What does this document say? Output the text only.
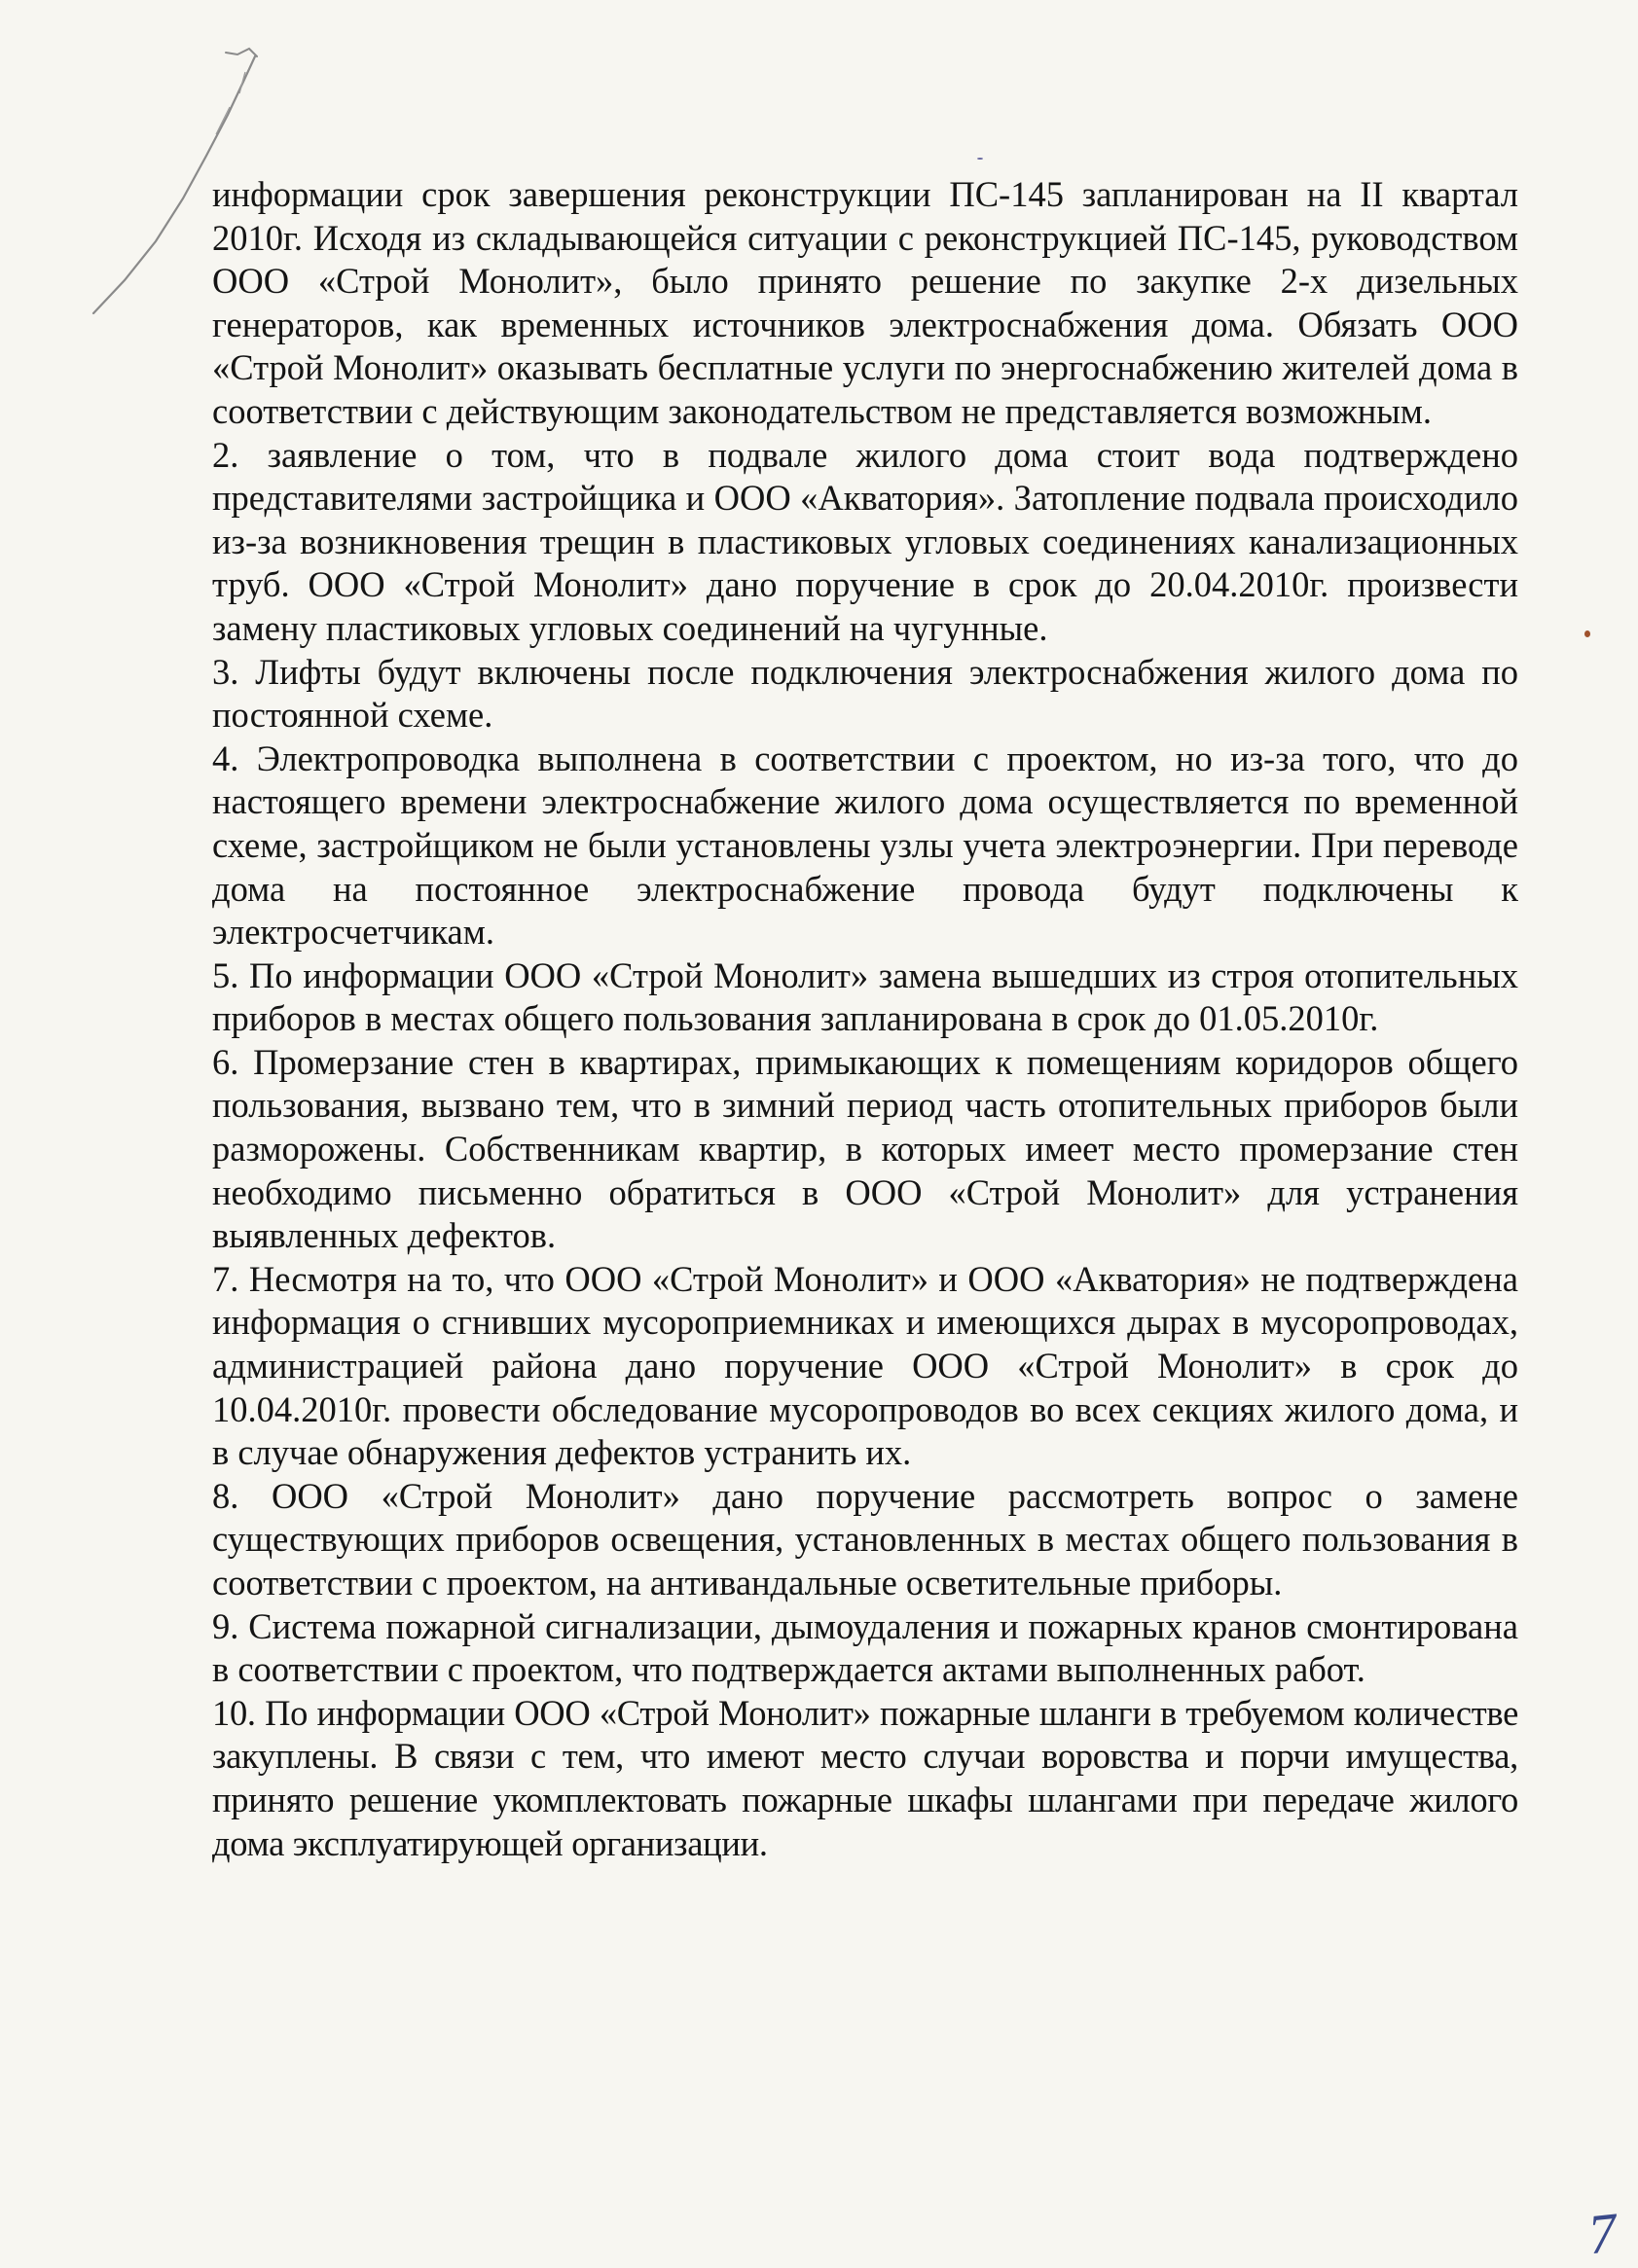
информации срок завершения реконструкции ПС-145 запланирован на II квартал 2010г. Исходя из складывающейся ситуации с реконструкцией ПС-145, руководством ООО «Строй Монолит», было принято решение по закупке 2-х дизельных генераторов, как временных источников электроснабжения дома. Обязать ООО «Строй Монолит» оказывать бесплатные услуги по энергоснабжению жителей дома в соответствии с действующим законодательством не представляется возможным.

2. заявление о том, что в подвале жилого дома стоит вода подтверждено представителями застройщика и ООО «Акватория». Затопление подвала происходило из-за возникновения трещин в пластиковых угловых соединениях канализационных труб. ООО «Строй Монолит» дано поручение в срок до 20.04.2010г. произвести замену пластиковых угловых соединений на чугунные.

3. Лифты будут включены после подключения электроснабжения жилого дома по постоянной схеме.

4. Электропроводка выполнена в соответствии с проектом, но из-за того, что до настоящего времени электроснабжение жилого дома осуществляется по временной схеме, застройщиком не были установлены узлы учета электроэнергии. При переводе дома на постоянное электроснабжение провода будут подключены к электросчетчикам.

5. По информации ООО «Строй Монолит» замена вышедших из строя отопительных приборов в местах общего пользования запланирована в срок до 01.05.2010г.

6. Промерзание стен в квартирах, примыкающих к помещениям коридоров общего пользования, вызвано тем, что в зимний период часть отопительных приборов были разморожены. Собственникам квартир, в которых имеет место промерзание стен необходимо письменно обратиться в ООО «Строй Монолит» для устранения выявленных дефектов.

7. Несмотря на то, что ООО «Строй Монолит» и ООО «Акватория» не подтверждена информация о сгнивших мусороприемниках и имеющихся дырах в мусоропроводах, администрацией района дано поручение ООО «Строй Монолит» в срок до 10.04.2010г. провести обследование мусоропроводов во всех секциях жилого дома, и в случае обнаружения дефектов устранить их.

8. ООО «Строй Монолит» дано поручение рассмотреть вопрос о замене существующих приборов освещения, установленных в местах общего пользования в соответствии с проектом, на антивандальные осветительные приборы.

9. Система пожарной сигнализации, дымоудаления и пожарных кранов смонтирована в соответствии с проектом, что подтверждается актами выполненных работ.

10. По информации ООО «Строй Монолит» пожарные шланги в требуемом количестве закуплены. В связи с тем, что имеют место случаи воровства и порчи имущества, принято решение укомплектовать пожарные шкафы шлангами при передаче жилого дома эксплуатирующей организации.

7
